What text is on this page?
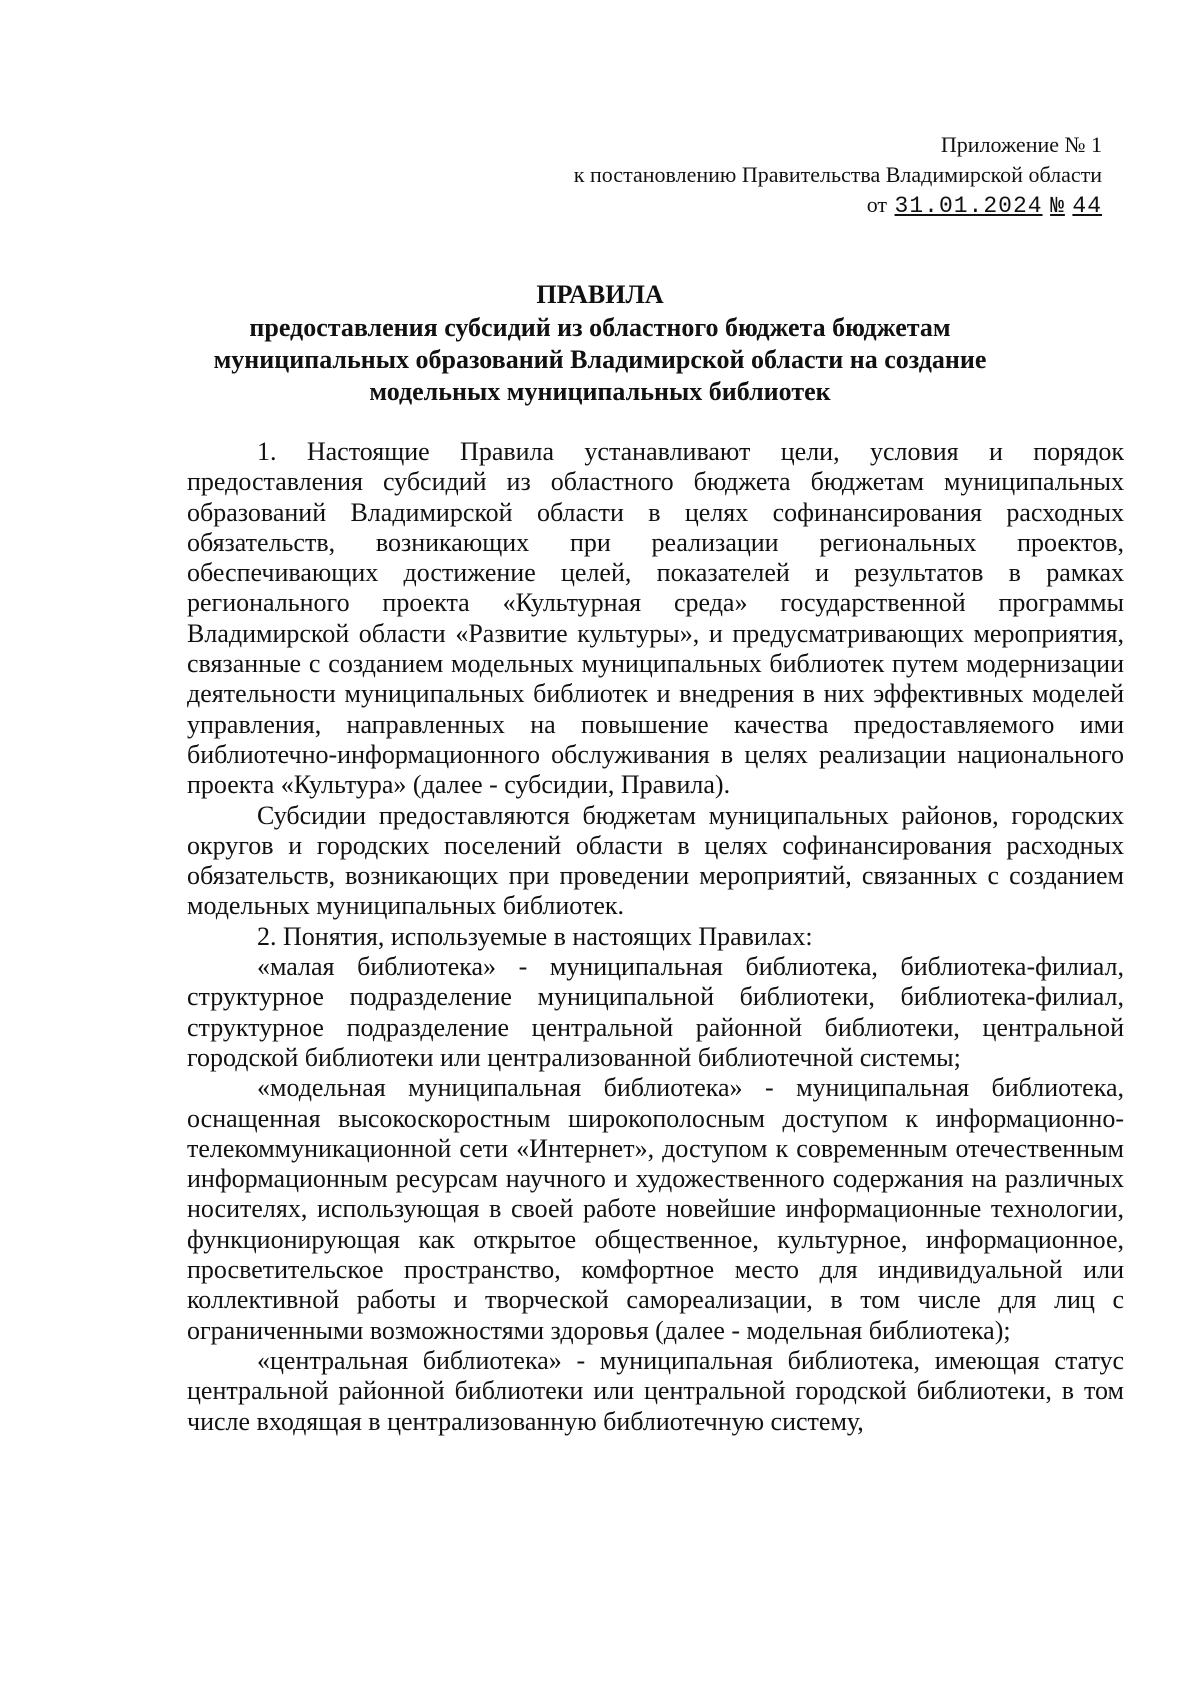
Приложение № 1
к постановлению Правительства Владимирской области
от 31.01.2024 № 44
ПРАВИЛА
предоставления субсидий из областного бюджета бюджетам муниципальных образований Владимирской области на создание модельных муниципальных библиотек

1. Настоящие Правила устанавливают цели, условия и порядок предоставления субсидий из областного бюджета бюджетам муниципальных образований Владимирской области в целях софинансирования расходных обязательств, возникающих при реализации региональных проектов, обеспечивающих достижение целей, показателей и результатов в рамках регионального проекта «Культурная среда» государственной программы Владимирской области «Развитие культуры», и предусматривающих мероприятия, связанные с созданием модельных муниципальных библиотек путем модернизации деятельности муниципальных библиотек и внедрения в них эффективных моделей управления, направленных на повышение качества предоставляемого ими библиотечно-информационного обслуживания в целях реализации национального проекта «Культура» (далее - субсидии, Правила).

Субсидии предоставляются бюджетам муниципальных районов, городских округов и городских поселений области в целях софинансирования расходных обязательств, возникающих при проведении мероприятий, связанных с созданием модельных муниципальных библиотек.

2. Понятия, используемые в настоящих Правилах:

«малая библиотека» - муниципальная библиотека, библиотека-филиал, структурное подразделение муниципальной библиотеки, библиотека-филиал, структурное подразделение центральной районной библиотеки, центральной городской библиотеки или централизованной библиотечной системы;

«модельная муниципальная библиотека» - муниципальная библиотека, оснащенная высокоскоростным широкополосным доступом к информационно-телекоммуникационной сети «Интернет», доступом к современным отечественным информационным ресурсам научного и художественного содержания на различных носителях, использующая в своей работе новейшие информационные технологии, функционирующая как открытое общественное, культурное, информационное, просветительское пространство, комфортное место для индивидуальной или коллективной работы и творческой самореализации, в том числе для лиц с ограниченными возможностями здоровья (далее - модельная библиотека);

«центральная библиотека» - муниципальная библиотека, имеющая статус центральной районной библиотеки или центральной городской библиотеки, в том числе входящая в централизованную библиотечную систему,
